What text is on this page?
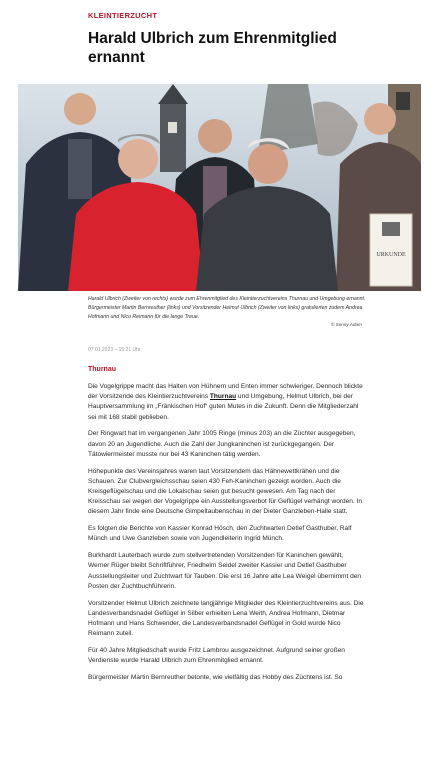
KLEINTIERZUCHT
Harald Ulbrich zum Ehrenmitglied ernannt
URKUNDE
Harald Ulbrich (Zweiter von rechts) wurde zum Ehrenmitglied des Kleintierzuchtvereins Thurnau und Umgebung ernannt. Bürgermeister Martin Bernreuther (links) und Vorsitzender Helmut Ulbrich (Zweiter von links) gratulierten zudem Andrea Hofmann und Nico Reimann für die lange Treue.
© Sonny Adam
07.01.2023 – 15:21 Uhr
Thurnau

Die Vogelgrippe macht das Halten von Hühnern und Enten immer schwieriger. Dennoch blickte der Vorsitzende des Kleintierzuchtvereins Thurnau und Umgebung, Helmut Ulbrich, bei der Hauptversammlung im „Fränkischen Hof“ guten Mutes in die Zukunft. Denn die Mitgliederzahl sei mit 168 stabil geblieben.

Der Ringwart hat im vergangenen Jahr 1005 Ringe (minus 203) an die Züchter ausgegeben, davon 20 an Jugendliche. Auch die Zahl der Jungkaninchen ist zurückgegangen. Der Tätowiermeister musste nur bei 43 Kaninchen tätig werden.

Höhepunkte des Vereinsjahres waren laut Vorsitzendem das Hähnewettkrähen und die Schauen. Zur Clubvergleichsschau seien 430 Feh-Kaninchen gezeigt worden. Auch die Kreisgeflügelschau und die Lokalschau seien gut besucht gewesen. Am Tag nach der Kreisschau sei wegen der Vogelgrippe ein Ausstellungsverbot für Geflügel verhängt worden. In diesem Jahr finde eine Deutsche Gimpeltaubenschau in der Dieter Ganzleben-Halle statt.

Es folgten die Berichte von Kassier Konrad Hösch, den Zuchtwarten Detlef Gasthuber, Ralf Münch und Uwe Ganzleben sowie von Jugendleiterin Ingrid Münch.

Burkhardt Lauterbach wurde zum stellvertretenden Vorsitzenden für Kaninchen gewählt, Werner Rüger bleibt Schriftführer, Friedhelm Seidel zweiter Kassier und Detlef Gasthuber Ausstellungsleiter und Zuchtwart für Tauben. Die erst 16 Jahre alte Lea Weigel übernimmt den Posten der Zuchtbuchführerin.

Vorsitzender Helmut Ulbrich zeichnete langjährige Mitglieder des Kleintierzuchtvereins aus. Die Landesverbandsnadel Geflügel in Silber erhielten Lena Weith, Andrea Hofmann, Dietmar Hofmann und Hans Schwender, die Landesverbandsnadel Geflügel in Gold wurde Nico Reimann zuteil.

Für 40 Jahre Mitgliedschaft wurde Fritz Lambrou ausgezeichnet. Aufgrund seiner großen Verdienste wurde Harald Ulbrich zum Ehrenmitglied ernannt.

Bürgermeister Martin Bernreuther betonte, wie vielfältig das Hobby des Züchtens ist. So
